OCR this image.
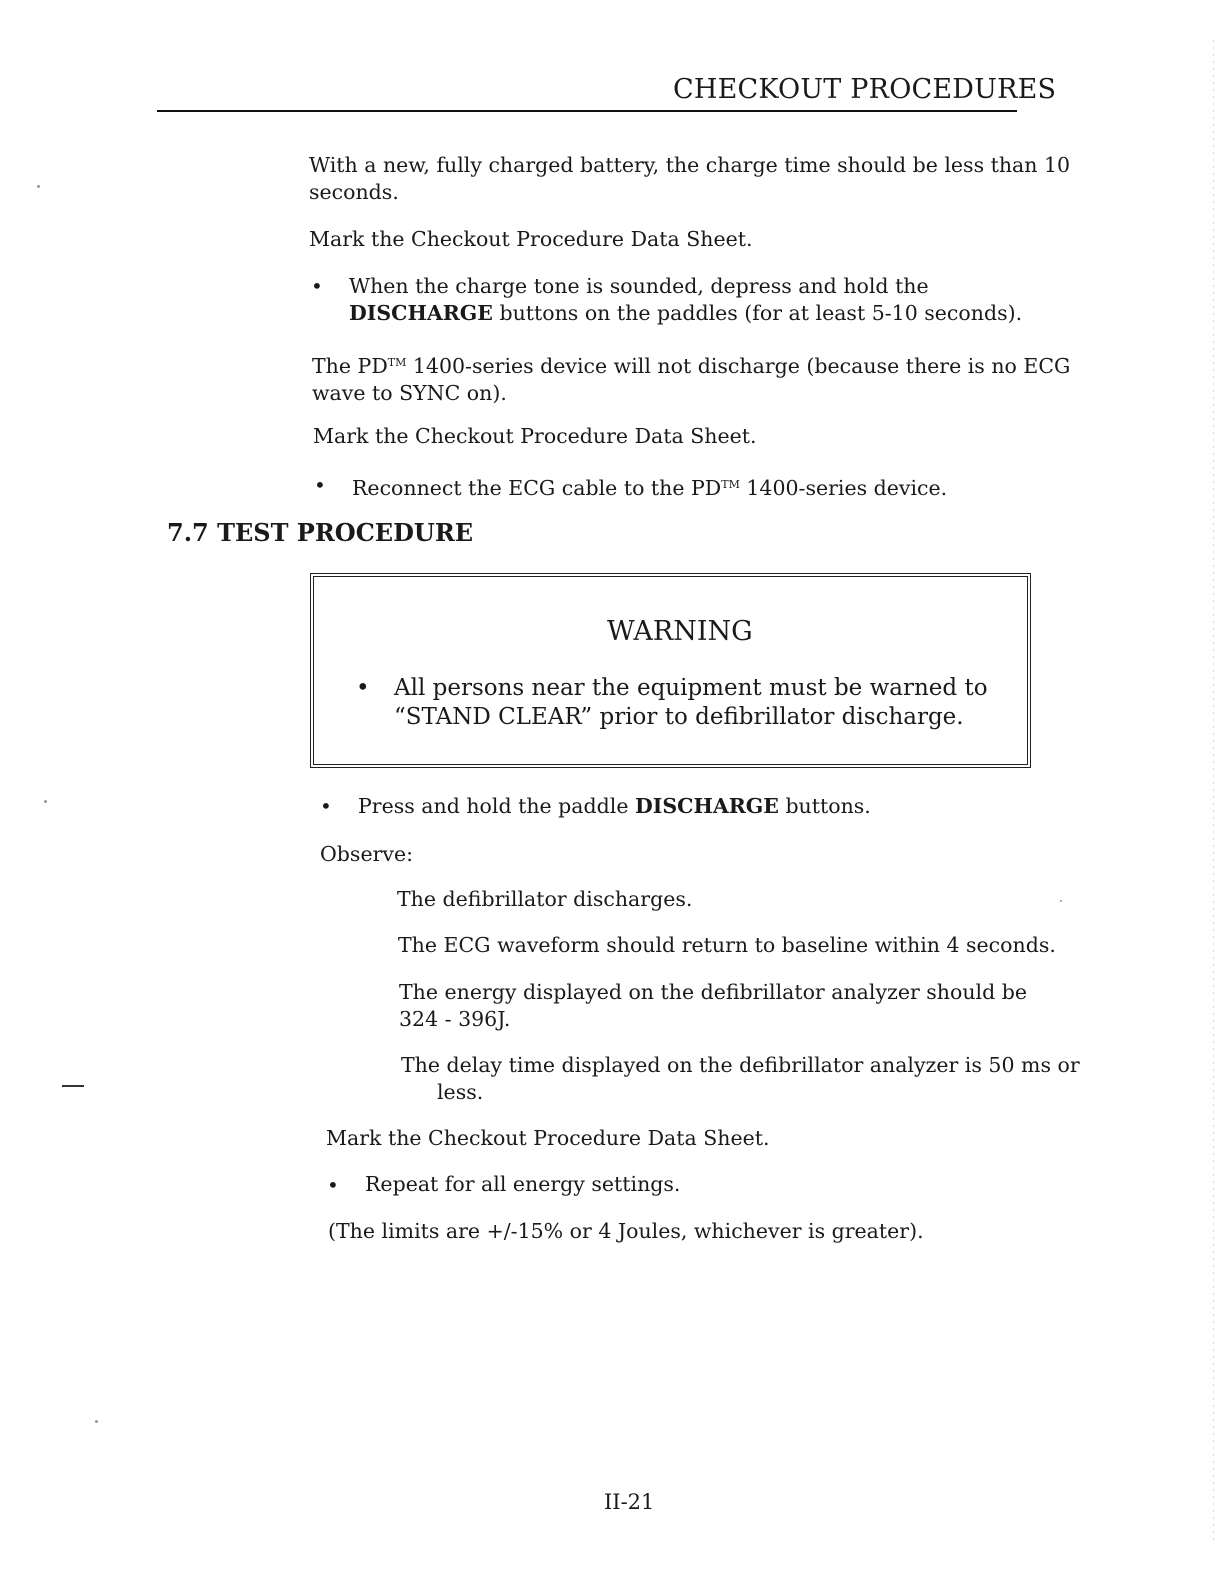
CHECKOUT PROCEDURES
With a new, fully charged battery, the charge time should be less than 10
seconds.
Mark the Checkout Procedure Data Sheet.
• When the charge tone is sounded, depress and hold the
DISCHARGE buttons on the paddles (for at least 5-10 seconds).
The PD™ 1400-series device will not discharge (because there is no ECG
wave to SYNC on).
Mark the Checkout Procedure Data Sheet.
• Reconnect the ECG cable to the PD™ 1400-series device.
7.7 TEST PROCEDURE
WARNING
• All persons near the equipment must be warned to
“STAND CLEAR” prior to defibrillator discharge.
• Press and hold the paddle DISCHARGE buttons.
Observe:
The defibrillator discharges.
The ECG waveform should return to baseline within 4 seconds.
The energy displayed on the defibrillator analyzer should be
324 - 396J.
The delay time displayed on the defibrillator analyzer is 50 ms or
less.
Mark the Checkout Procedure Data Sheet.
• Repeat for all energy settings.
(The limits are +/-15% or 4 Joules, whichever is greater).
II-21
